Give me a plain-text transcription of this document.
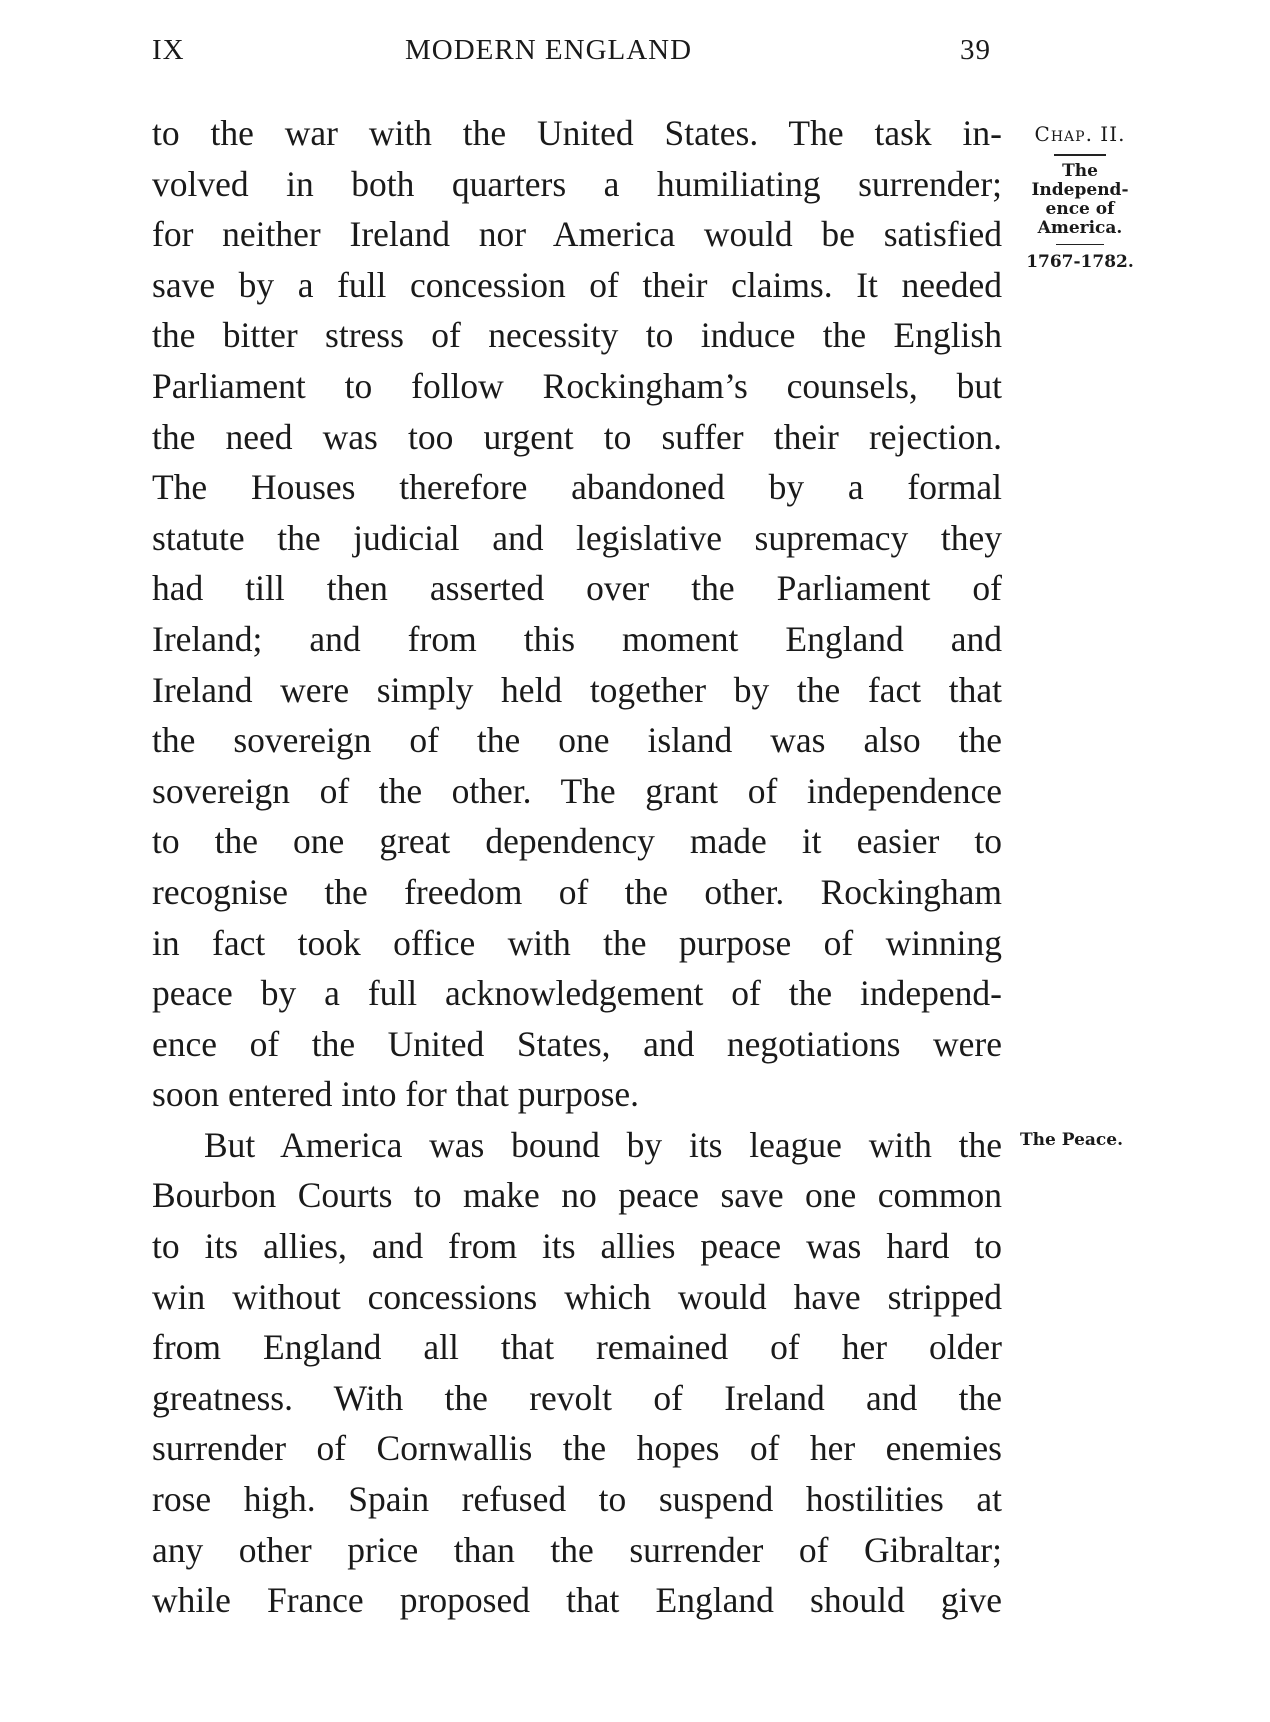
IX	MODERN ENGLAND	39
to the war with the United States. The task in-
volved in both quarters a humiliating surrender;
for neither Ireland nor America would be satisfied
save by a full concession of their claims. It needed
the bitter stress of necessity to induce the English
Parliament to follow Rockingham’s counsels, but
the need was too urgent to suffer their rejection.
The Houses therefore abandoned by a formal
statute the judicial and legislative supremacy they
had till then asserted over the Parliament of
Ireland; and from this moment England and
Ireland were simply held together by the fact that
the sovereign of the one island was also the
sovereign of the other. The grant of independence
to the one great dependency made it easier to
recognise the freedom of the other. Rockingham
in fact took office with the purpose of winning
peace by a full acknowledgement of the independ-
ence of the United States, and negotiations were
soon entered into for that purpose.
But America was bound by its league with the
Bourbon Courts to make no peace save one common
to its allies, and from its allies peace was hard to
win without concessions which would have stripped
from England all that remained of her older
greatness. With the revolt of Ireland and the
surrender of Cornwallis the hopes of her enemies
rose high. Spain refused to suspend hostilities at
any other price than the surrender of Gibraltar;
while France proposed that England should give
Chap. II.
The
Independ-
ence of
America.
1767-1782.
The Peace.
